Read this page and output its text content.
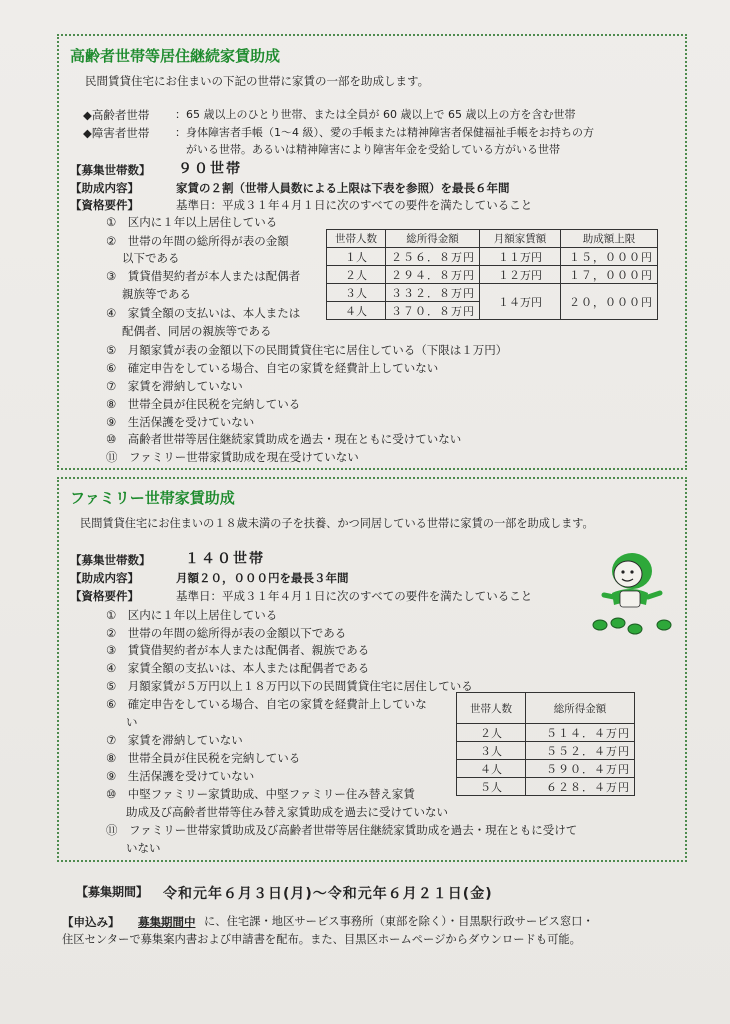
高齢者世帯等居住継続家賃助成
民間賃貸住宅にお住まいの下記の世帯に家賃の一部を助成します。
◆高齢者世帯 ：65 歳以上のひとり世帯、または全員が 60 歳以上で 65 歳以上の方を含む世帯
◆障害者世帯 ：身体障害者手帳（1～4 級）、愛の手帳または精神障害者保健福祉手帳をお持ちの方
がいる世帯。あるいは精神障害により障害年金を受給している方がいる世帯
【募集世帯数】 ９０世帯
【助成内容】	家賃の２割（世帯人員数による上限は下表を参照）を最長６年間
【資格要件】	基準日：平成３１年４月１日に次のすべての要件を満たしていること
①　区内に１年以上居住している
②　世帯の年間の総所得が表の金額
以下である
③　賃貸借契約者が本人または配偶者
親族等である
④　家賃全額の支払いは、本人または
配偶者、同居の親族等である
⑤　月額家賃が表の金額以下の民間賃貸住宅に居住している（下限は１万円）
⑥　確定申告をしている場合、自宅の家賃を経費計上していない
⑦　家賃を滞納していない
⑧　世帯全員が住民税を完納している
⑨　生活保護を受けていない
⑩　高齢者世帯等居住継続家賃助成を過去・現在ともに受けていない
⑪　ファミリー世帯家賃助成を現在受けていない
世帯人数	総所得金額	月額家賃額	助成額上限
１人	２５６．８万円	１１万円	１５，０００円
２人	２９４．８万円	１２万円	１７，０００円
３人	３３２．８万円	１４万円	２０，０００円
４人	３７０．８万円		
ファミリー世帯家賃助成
民間賃貸住宅にお住まいの１８歳未満の子を扶養、かつ同居している世帯に家賃の一部を助成します。
【募集世帯数】 １４０世帯
【助成内容】	月額２０，０００円を最長３年間
【資格要件】	基準日：平成３１年４月１日に次のすべての要件を満たしていること
①　区内に１年以上居住している
②　世帯の年間の総所得が表の金額以下である
③　賃貸借契約者が本人または配偶者、親族である
④　家賃全額の支払いは、本人または配偶者である
⑤　月額家賃が５万円以上１８万円以下の民間賃貸住宅に居住している
⑥　確定申告をしている場合、自宅の家賃を経費計上していな
い
⑦　家賃を滞納していない
⑧　世帯全員が住民税を完納している
⑨　生活保護を受けていない
⑩　中堅ファミリー家賃助成、中堅ファミリー住み替え家賃
助成及び高齢者世帯等住み替え家賃助成を過去に受けていない
⑪　ファミリー世帯家賃助成及び高齢者世帯等居住継続家賃助成を過去・現在ともに受けて
いない
世帯人数	総所得金額
２人	５１４．４万円
３人	５５２．４万円
４人	５９０．４万円
５人	６２８．４万円
【募集期間】 令和元年６月３日(月)～令和元年６月２１日(金)
【申込み】 募集期間中 に、住宅課・地区サービス事務所（東部を除く）・目黒駅行政サービス窓口・
住区センターで募集案内書および申請書を配布。また、目黒区ホームページからダウンロードも可能。
